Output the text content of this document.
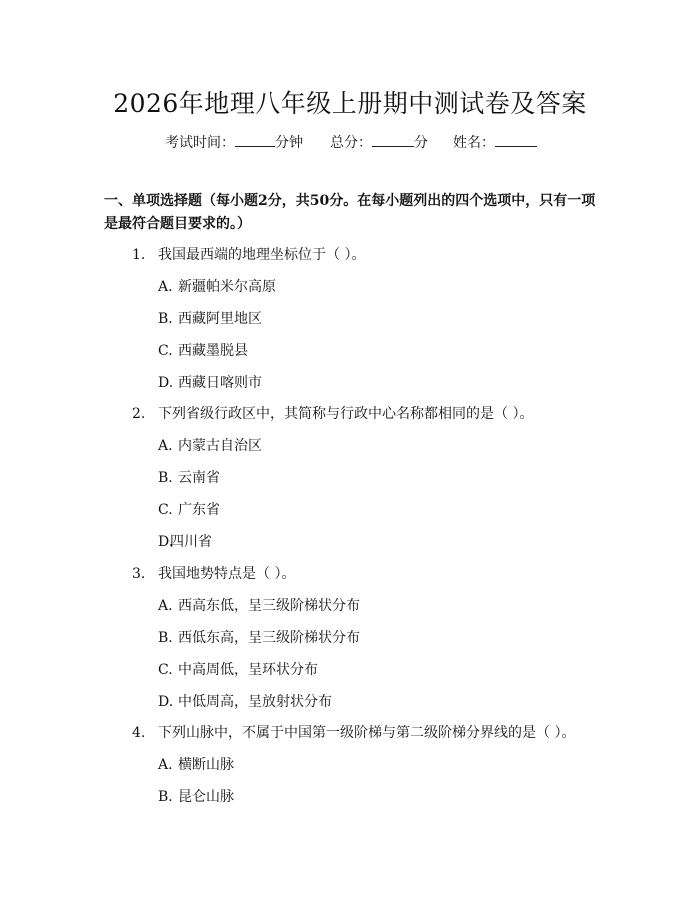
2026年地理八年级上册期中测试卷及答案
考试时间：	分钟 总分：	分 姓名：
一、单项选择题（每小题2分，共50分。在每小题列出的四个选项中，只有一项是最符合题目要求的。）
1. 我国最西端的地理坐标位于（ ）。
A. 新疆帕米尔高原
B. 西藏阿里地区
C. 西藏墨脱县
D. 西藏日喀则市
2. 下列省级行政区中，其简称与行政中心名称都相同的是（ ）。
A. 内蒙古自治区
B. 云南省
C. 广东省
D.四川省
3. 我国地势特点是（ ）。
A. 西高东低，呈三级阶梯状分布
B. 西低东高，呈三级阶梯状分布
C. 中高周低，呈环状分布
D. 中低周高，呈放射状分布
4. 下列山脉中，不属于中国第一级阶梯与第二级阶梯分界线的是（ ）。
A. 横断山脉
B. 昆仑山脉
